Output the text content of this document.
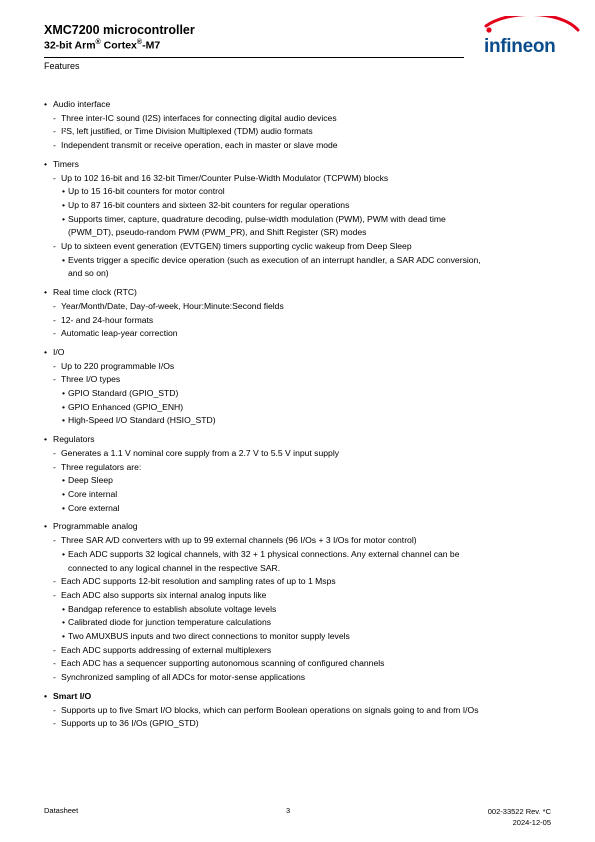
XMC7200 microcontroller
32-bit Arm® Cortex®-M7
Features
infineon
• Audio interface
- Three inter-IC sound (I2S) interfaces for connecting digital audio devices
- I²S, left justified, or Time Division Multiplexed (TDM) audio formats
- Independent transmit or receive operation, each in master or slave mode
• Timers
- Up to 102 16-bit and 16 32-bit Timer/Counter Pulse-Width Modulator (TCPWM) blocks
• Up to 15 16-bit counters for motor control
• Up to 87 16-bit counters and sixteen 32-bit counters for regular operations
• Supports timer, capture, quadrature decoding, pulse-width modulation (PWM), PWM with dead time
(PWM_DT), pseudo-random PWM (PWM_PR), and Shift Register (SR) modes
- Up to sixteen event generation (EVTGEN) timers supporting cyclic wakeup from Deep Sleep
• Events trigger a specific device operation (such as execution of an interrupt handler, a SAR ADC conversion,
and so on)
• Real time clock (RTC)
- Year/Month/Date, Day-of-week, Hour:Minute:Second fields
- 12- and 24-hour formats
- Automatic leap-year correction
• I/O
- Up to 220 programmable I/Os
- Three I/O types
• GPIO Standard (GPIO_STD)
• GPIO Enhanced (GPIO_ENH)
• High-Speed I/O Standard (HSIO_STD)
• Regulators
- Generates a 1.1 V nominal core supply from a 2.7 V to 5.5 V input supply
- Three regulators are:
• Deep Sleep
• Core internal
• Core external
• Programmable analog
- Three SAR A/D converters with up to 99 external channels (96 I/Os + 3 I/Os for motor control)
• Each ADC supports 32 logical channels, with 32 + 1 physical connections. Any external channel can be
connected to any logical channel in the respective SAR.
- Each ADC supports 12-bit resolution and sampling rates of up to 1 Msps
- Each ADC also supports six internal analog inputs like
• Bandgap reference to establish absolute voltage levels
• Calibrated diode for junction temperature calculations
• Two AMUXBUS inputs and two direct connections to monitor supply levels
- Each ADC supports addressing of external multiplexers
- Each ADC has a sequencer supporting autonomous scanning of configured channels
- Synchronized sampling of all ADCs for motor-sense applications
• Smart I/O
- Supports up to five Smart I/O blocks, which can perform Boolean operations on signals going to and from I/Os
- Supports up to 36 I/Os (GPIO_STD)
Datasheet	3	002-33522 Rev. *C
2024-12-05
